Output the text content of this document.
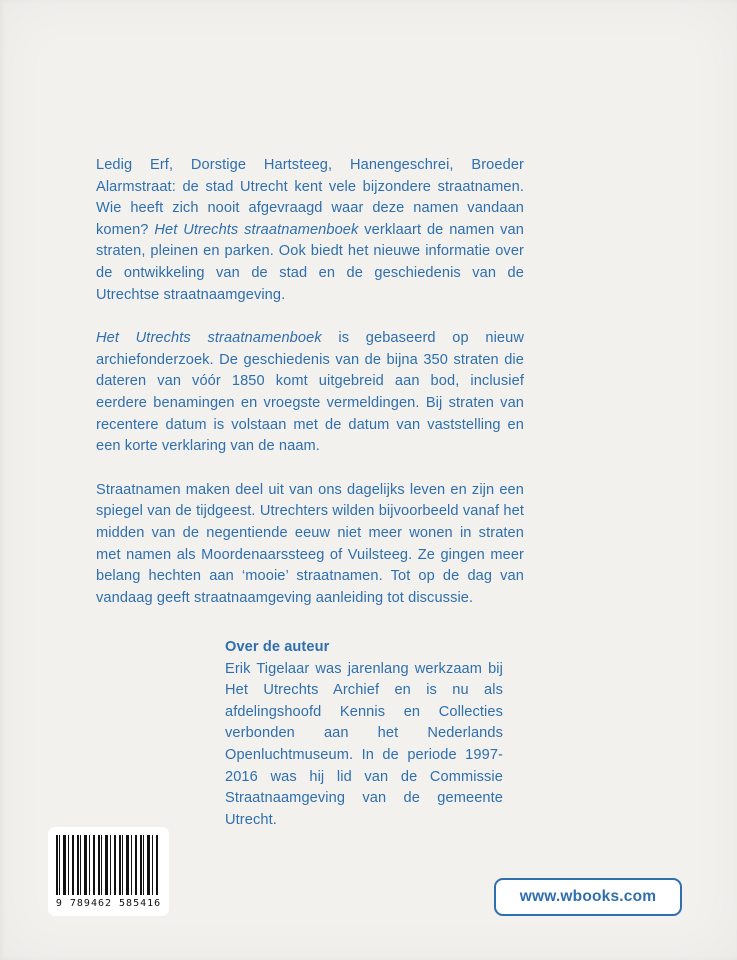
Ledig Erf, Dorstige Hartsteeg, Hanengeschrei, Broeder Alarmstraat: de stad Utrecht kent vele bijzondere straatnamen. Wie heeft zich nooit afgevraagd waar deze namen vandaan komen? Het Utrechts straatnamenboek verklaart de namen van straten, pleinen en parken. Ook biedt het nieuwe informatie over de ontwikkeling van de stad en de geschiedenis van de Utrechtse straatnaamgeving.

Het Utrechts straatnamenboek is gebaseerd op nieuw archiefonderzoek. De geschiedenis van de bijna 350 straten die dateren van vóór 1850 komt uitgebreid aan bod, inclusief eerdere benamingen en vroegste vermeldingen. Bij straten van recentere datum is volstaan met de datum van vaststelling en een korte verklaring van de naam.

Straatnamen maken deel uit van ons dagelijks leven en zijn een spiegel van de tijdgeest. Utrechters wilden bijvoorbeeld vanaf het midden van de negentiende eeuw niet meer wonen in straten met namen als Moordenaarssteeg of Vuilsteeg. Ze gingen meer belang hechten aan ‘mooie’ straatnamen. Tot op de dag van vandaag geeft straatnaamgeving aanleiding tot discussie.

Over de auteur

Erik Tigelaar was jarenlang werkzaam bij Het Utrechts Archief en is nu als afdelingshoofd Kennis en Collecties verbonden aan het Nederlands Openluchtmuseum. In de periode 1997-2016 was hij lid van de Commissie Straatnaamgeving van de gemeente Utrecht.

9 789462 585416	www.wbooks.com
